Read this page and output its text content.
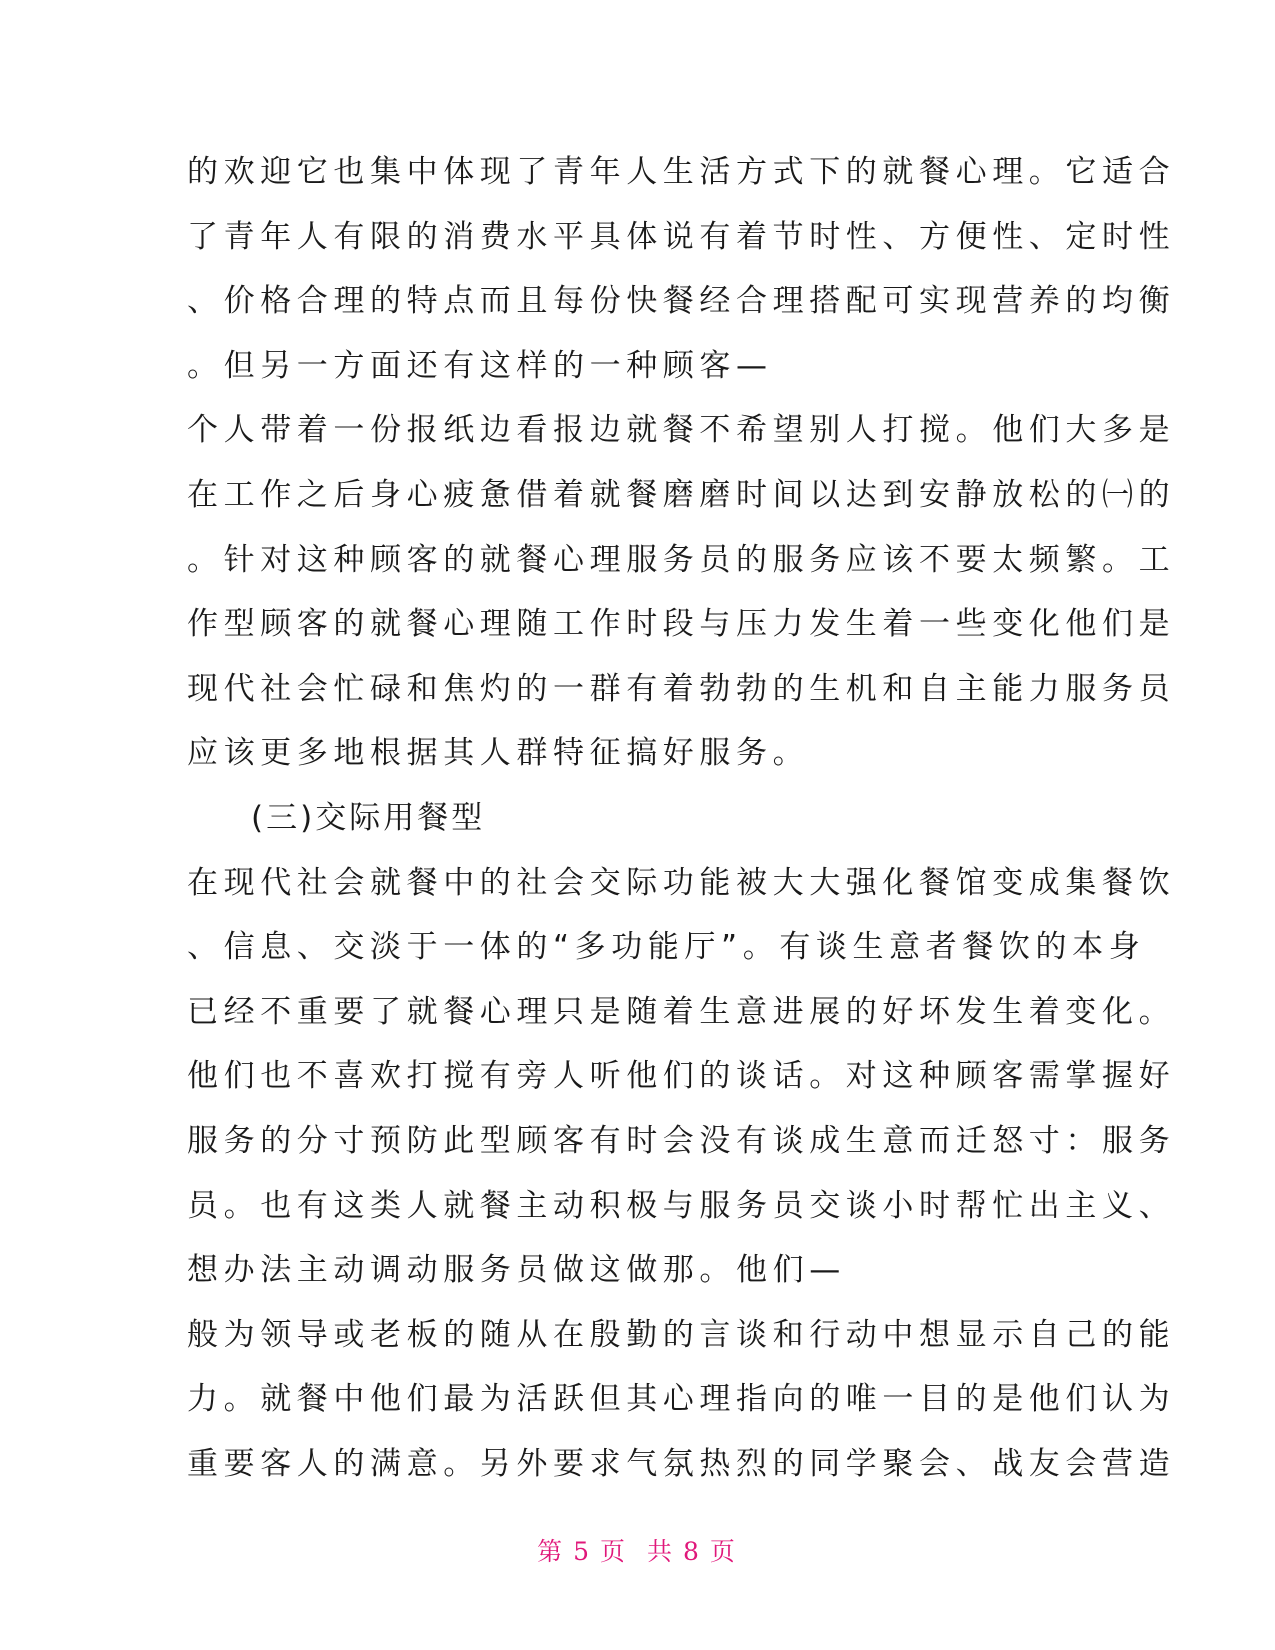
的欢迎它也集中体现了青年人生活方式下的就餐心理。它适合
了青年人有限的消费水平具体说有着节时性、方便性、定时性
、价格合理的特点而且每份快餐经合理搭配可实现营养的均衡
。但另一方面还有这样的一种顾客—
个人带着一份报纸边看报边就餐不希望别人打搅。他们大多是
在工作之后身心疲惫借着就餐磨磨时间以达到安静放松的㈠的
。针对这种顾客的就餐心理服务员的服务应该不要太频繁。工
作型顾客的就餐心理随工作时段与压力发生着一些变化他们是
现代社会忙碌和焦灼的一群有着勃勃的生机和自主能力服务员
应该更多地根据其人群特征搞好服务。
(三)交际用餐型
在现代社会就餐中的社会交际功能被大大强化餐馆变成集餐饮
、信息、交淡于一体的“多功能厅”。有谈生意者餐饮的本身
已经不重要了就餐心理只是随着生意进展的好坏发生着变化。
他们也不喜欢打搅有旁人听他们的谈话。对这种顾客需掌握好
服务的分寸预防此型顾客有时会没有谈成生意而迁怒寸：服务
员。也有这类人就餐主动积极与服务员交谈小时帮忙出主义、
想办法主动调动服务员做这做那。他们—
般为领导或老板的随从在殷勤的言谈和行动中想显示自己的能
力。就餐中他们最为活跃但其心理指向的唯一目的是他们认为
重要客人的满意。另外要求气氛热烈的同学聚会、战友会营造
第 5 页 共 8 页
